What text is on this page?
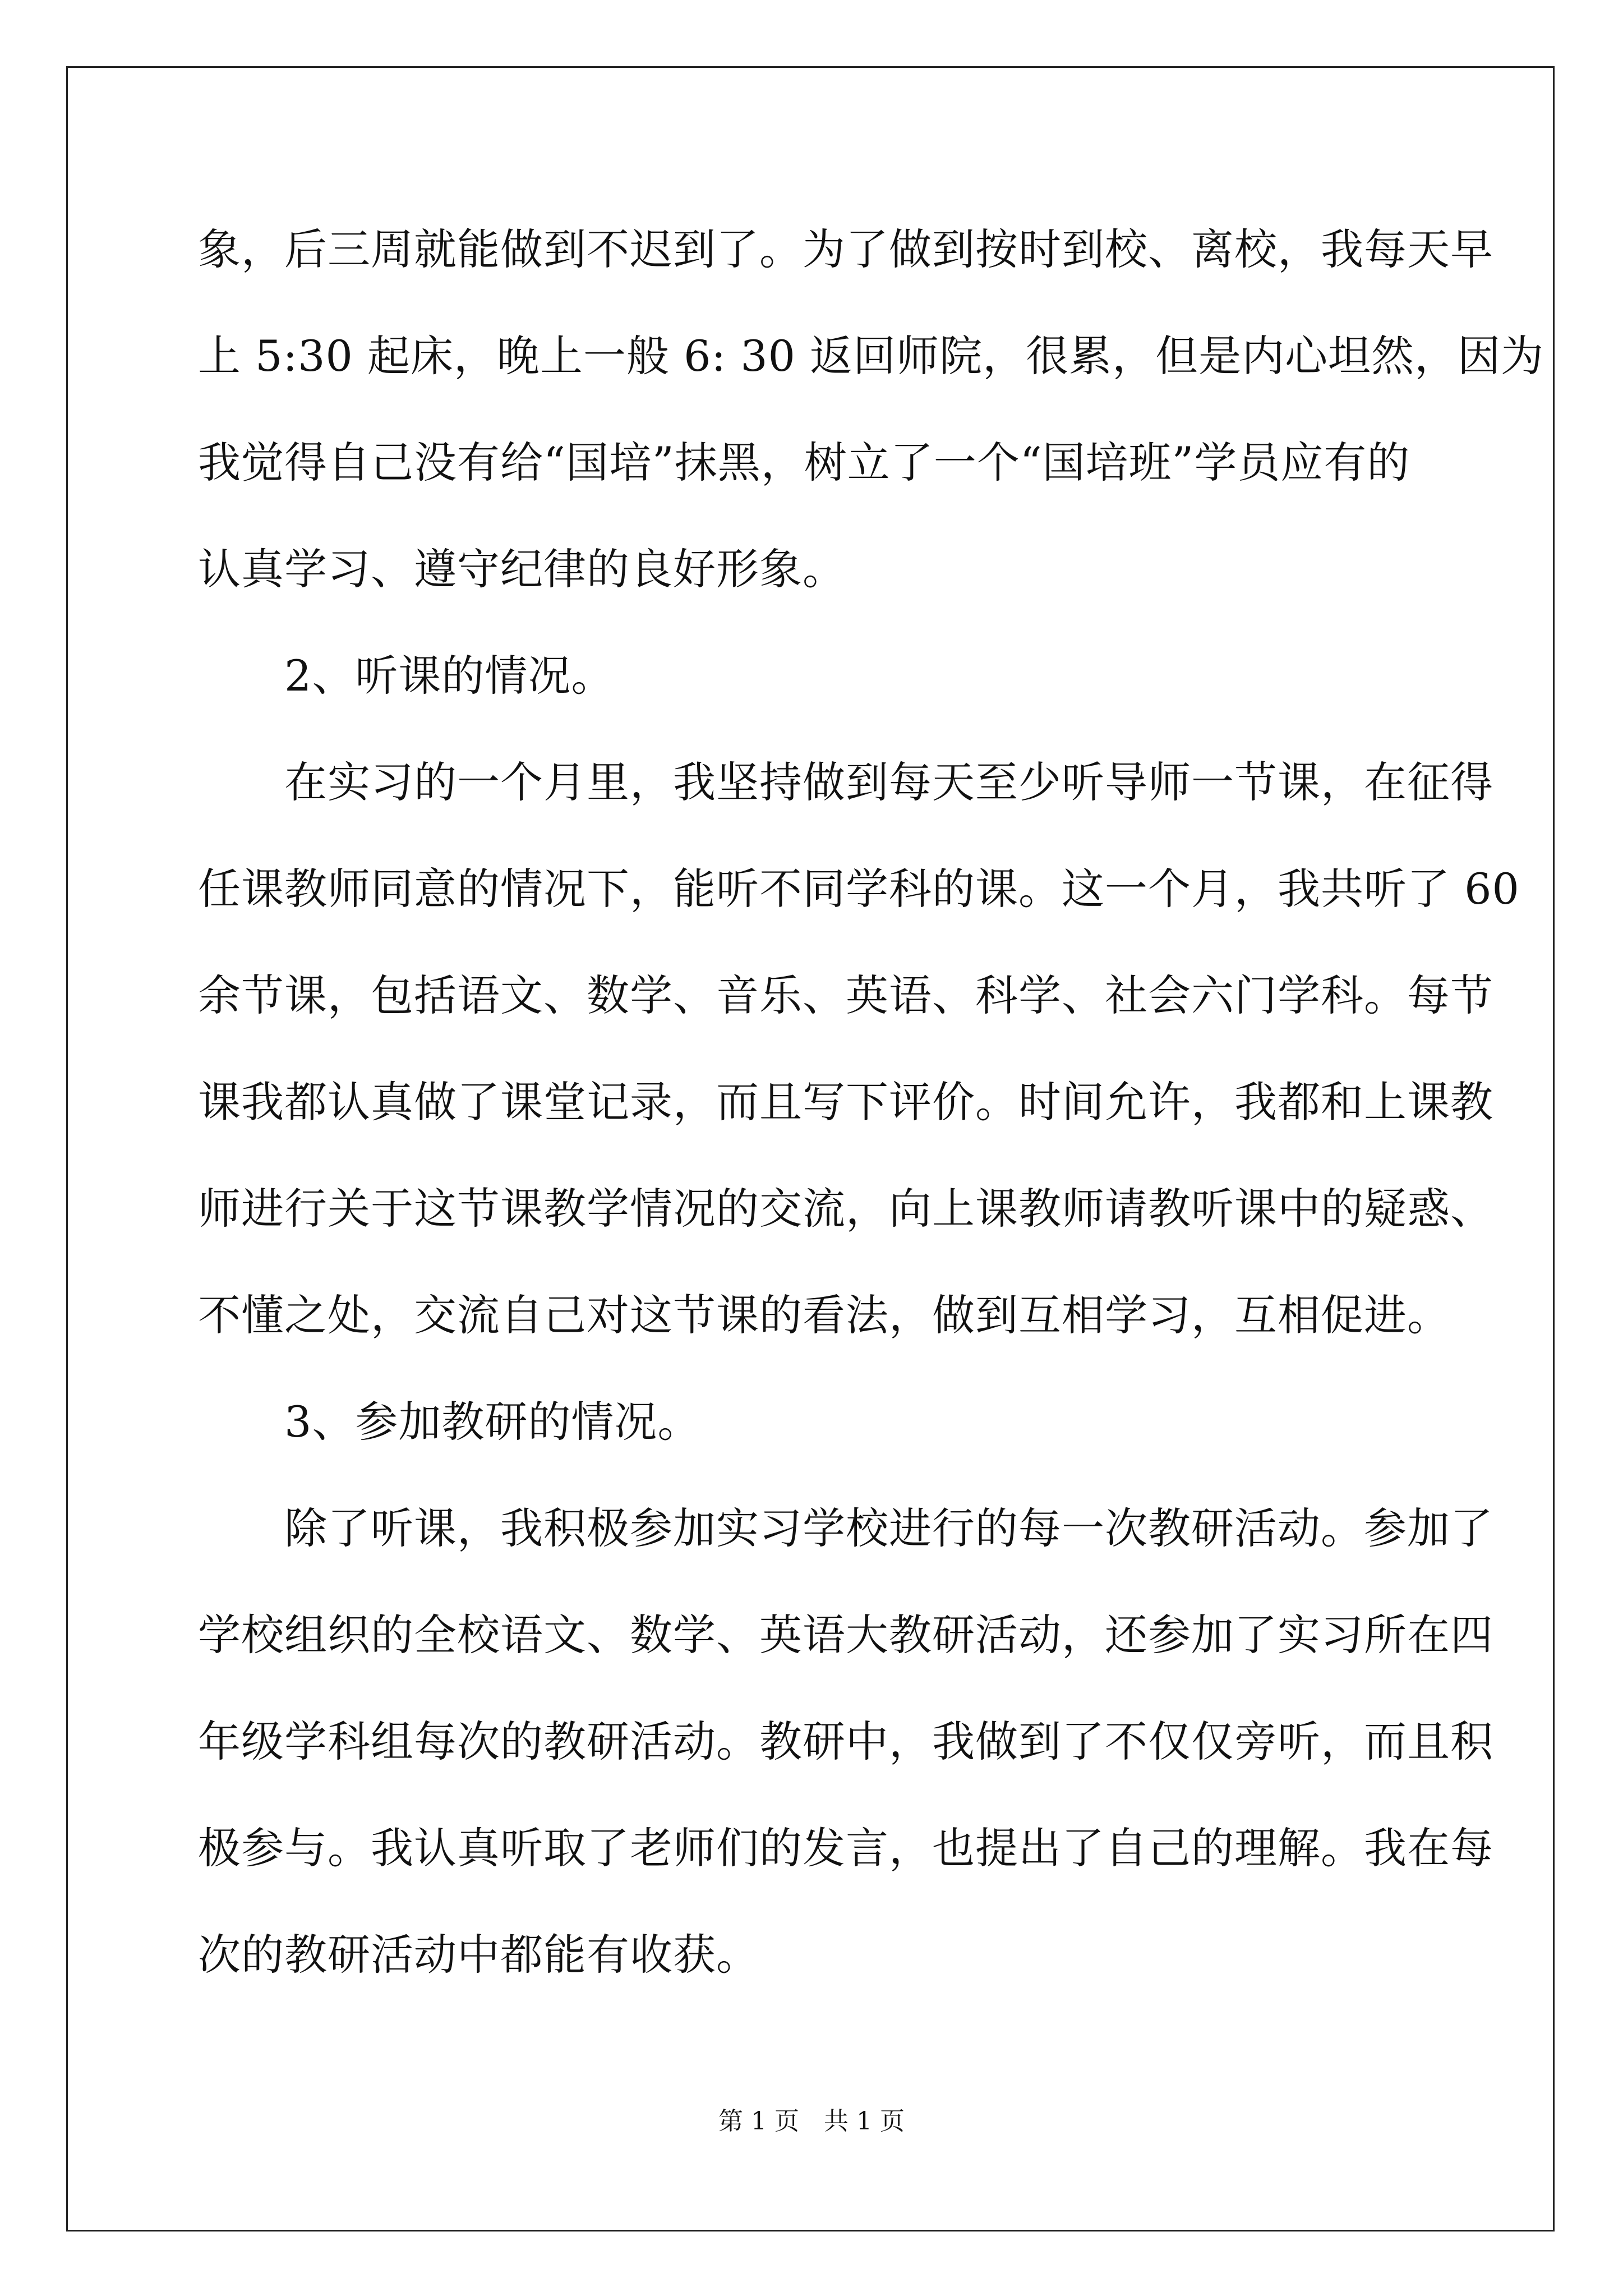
象，后三周就能做到不迟到了。为了做到按时到校、离校，我每天早
上 5:30 起床，晚上一般 6: 30 返回师院，很累，但是内心坦然，因为
我觉得自己没有给“国培”抹黑，树立了一个“国培班”学员应有的
认真学习、遵守纪律的良好形象。
　　2、听课的情况。
　　在实习的一个月里，我坚持做到每天至少听导师一节课，在征得
任课教师同意的情况下，能听不同学科的课。这一个月，我共听了 60
余节课，包括语文、数学、音乐、英语、科学、社会六门学科。每节
课我都认真做了课堂记录，而且写下评价。时间允许，我都和上课教
师进行关于这节课教学情况的交流，向上课教师请教听课中的疑惑、
不懂之处，交流自己对这节课的看法，做到互相学习，互相促进。
　　3、参加教研的情况。
　　除了听课，我积极参加实习学校进行的每一次教研活动。参加了
学校组织的全校语文、数学、英语大教研活动，还参加了实习所在四
年级学科组每次的教研活动。教研中，我做到了不仅仅旁听，而且积
极参与。我认真听取了老师们的发言，也提出了自己的理解。我在每
次的教研活动中都能有收获。
第 1 页　共 1 页
